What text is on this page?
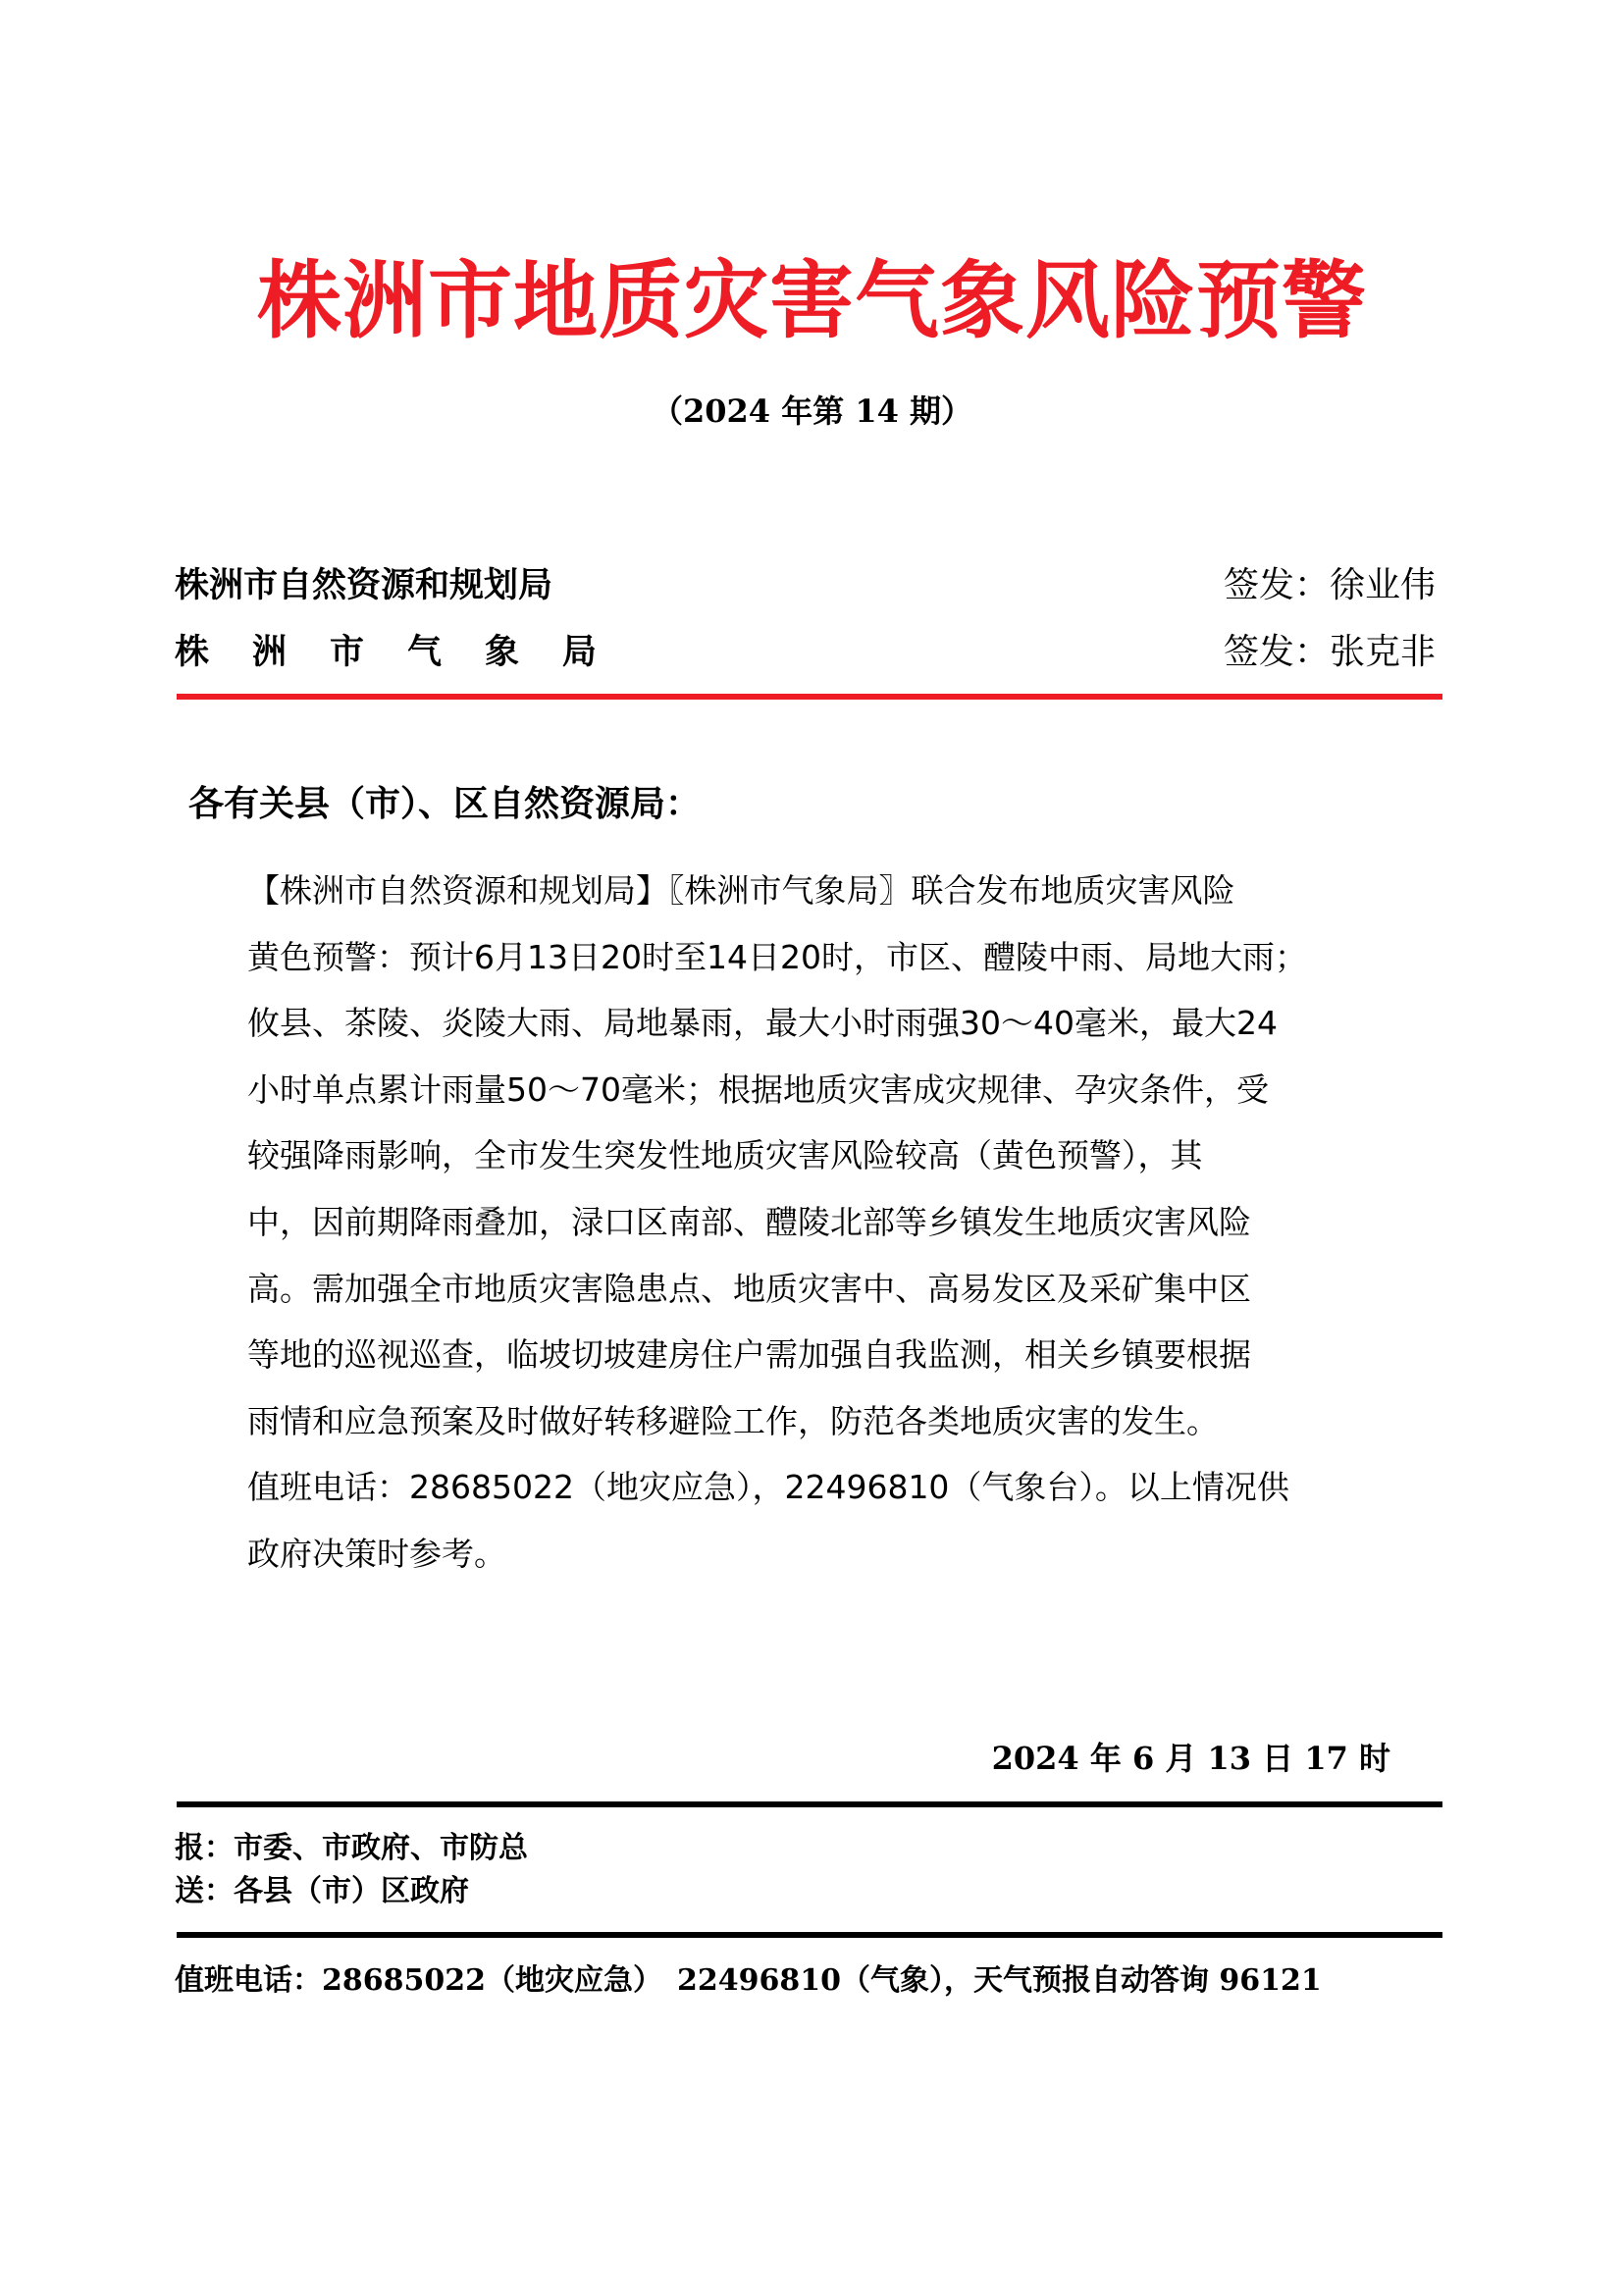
株洲市地质灾害气象风险预警
（2024 年第 14 期）
株洲市自然资源和规划局
株 洲 市 气 象 局
签发：徐业伟
签发：张克非
各有关县（市）、区自然资源局：
【株洲市自然资源和规划局】〖株洲市气象局〗联合发布地质灾害风险
黄色预警：预计6月13日20时至14日20时，市区、醴陵中雨、局地大雨；
攸县、茶陵、炎陵大雨、局地暴雨，最大小时雨强30～40毫米，最大24
小时单点累计雨量50～70毫米；根据地质灾害成灾规律、孕灾条件，受
较强降雨影响，全市发生突发性地质灾害风险较高（黄色预警），其
中，因前期降雨叠加，渌口区南部、醴陵北部等乡镇发生地质灾害风险
高。需加强全市地质灾害隐患点、地质灾害中、高易发区及采矿集中区
等地的巡视巡查，临坡切坡建房住户需加强自我监测，相关乡镇要根据
雨情和应急预案及时做好转移避险工作，防范各类地质灾害的发生。
值班电话：28685022（地灾应急），22496810（气象台）。以上情况供
政府决策时参考。
2024 年 6 月 13 日 17 时
报：市委、市政府、市防总
送：各县（市）区政府
值班电话：28685022（地灾应急）　22496810（气象），天气预报自动答询 96121
